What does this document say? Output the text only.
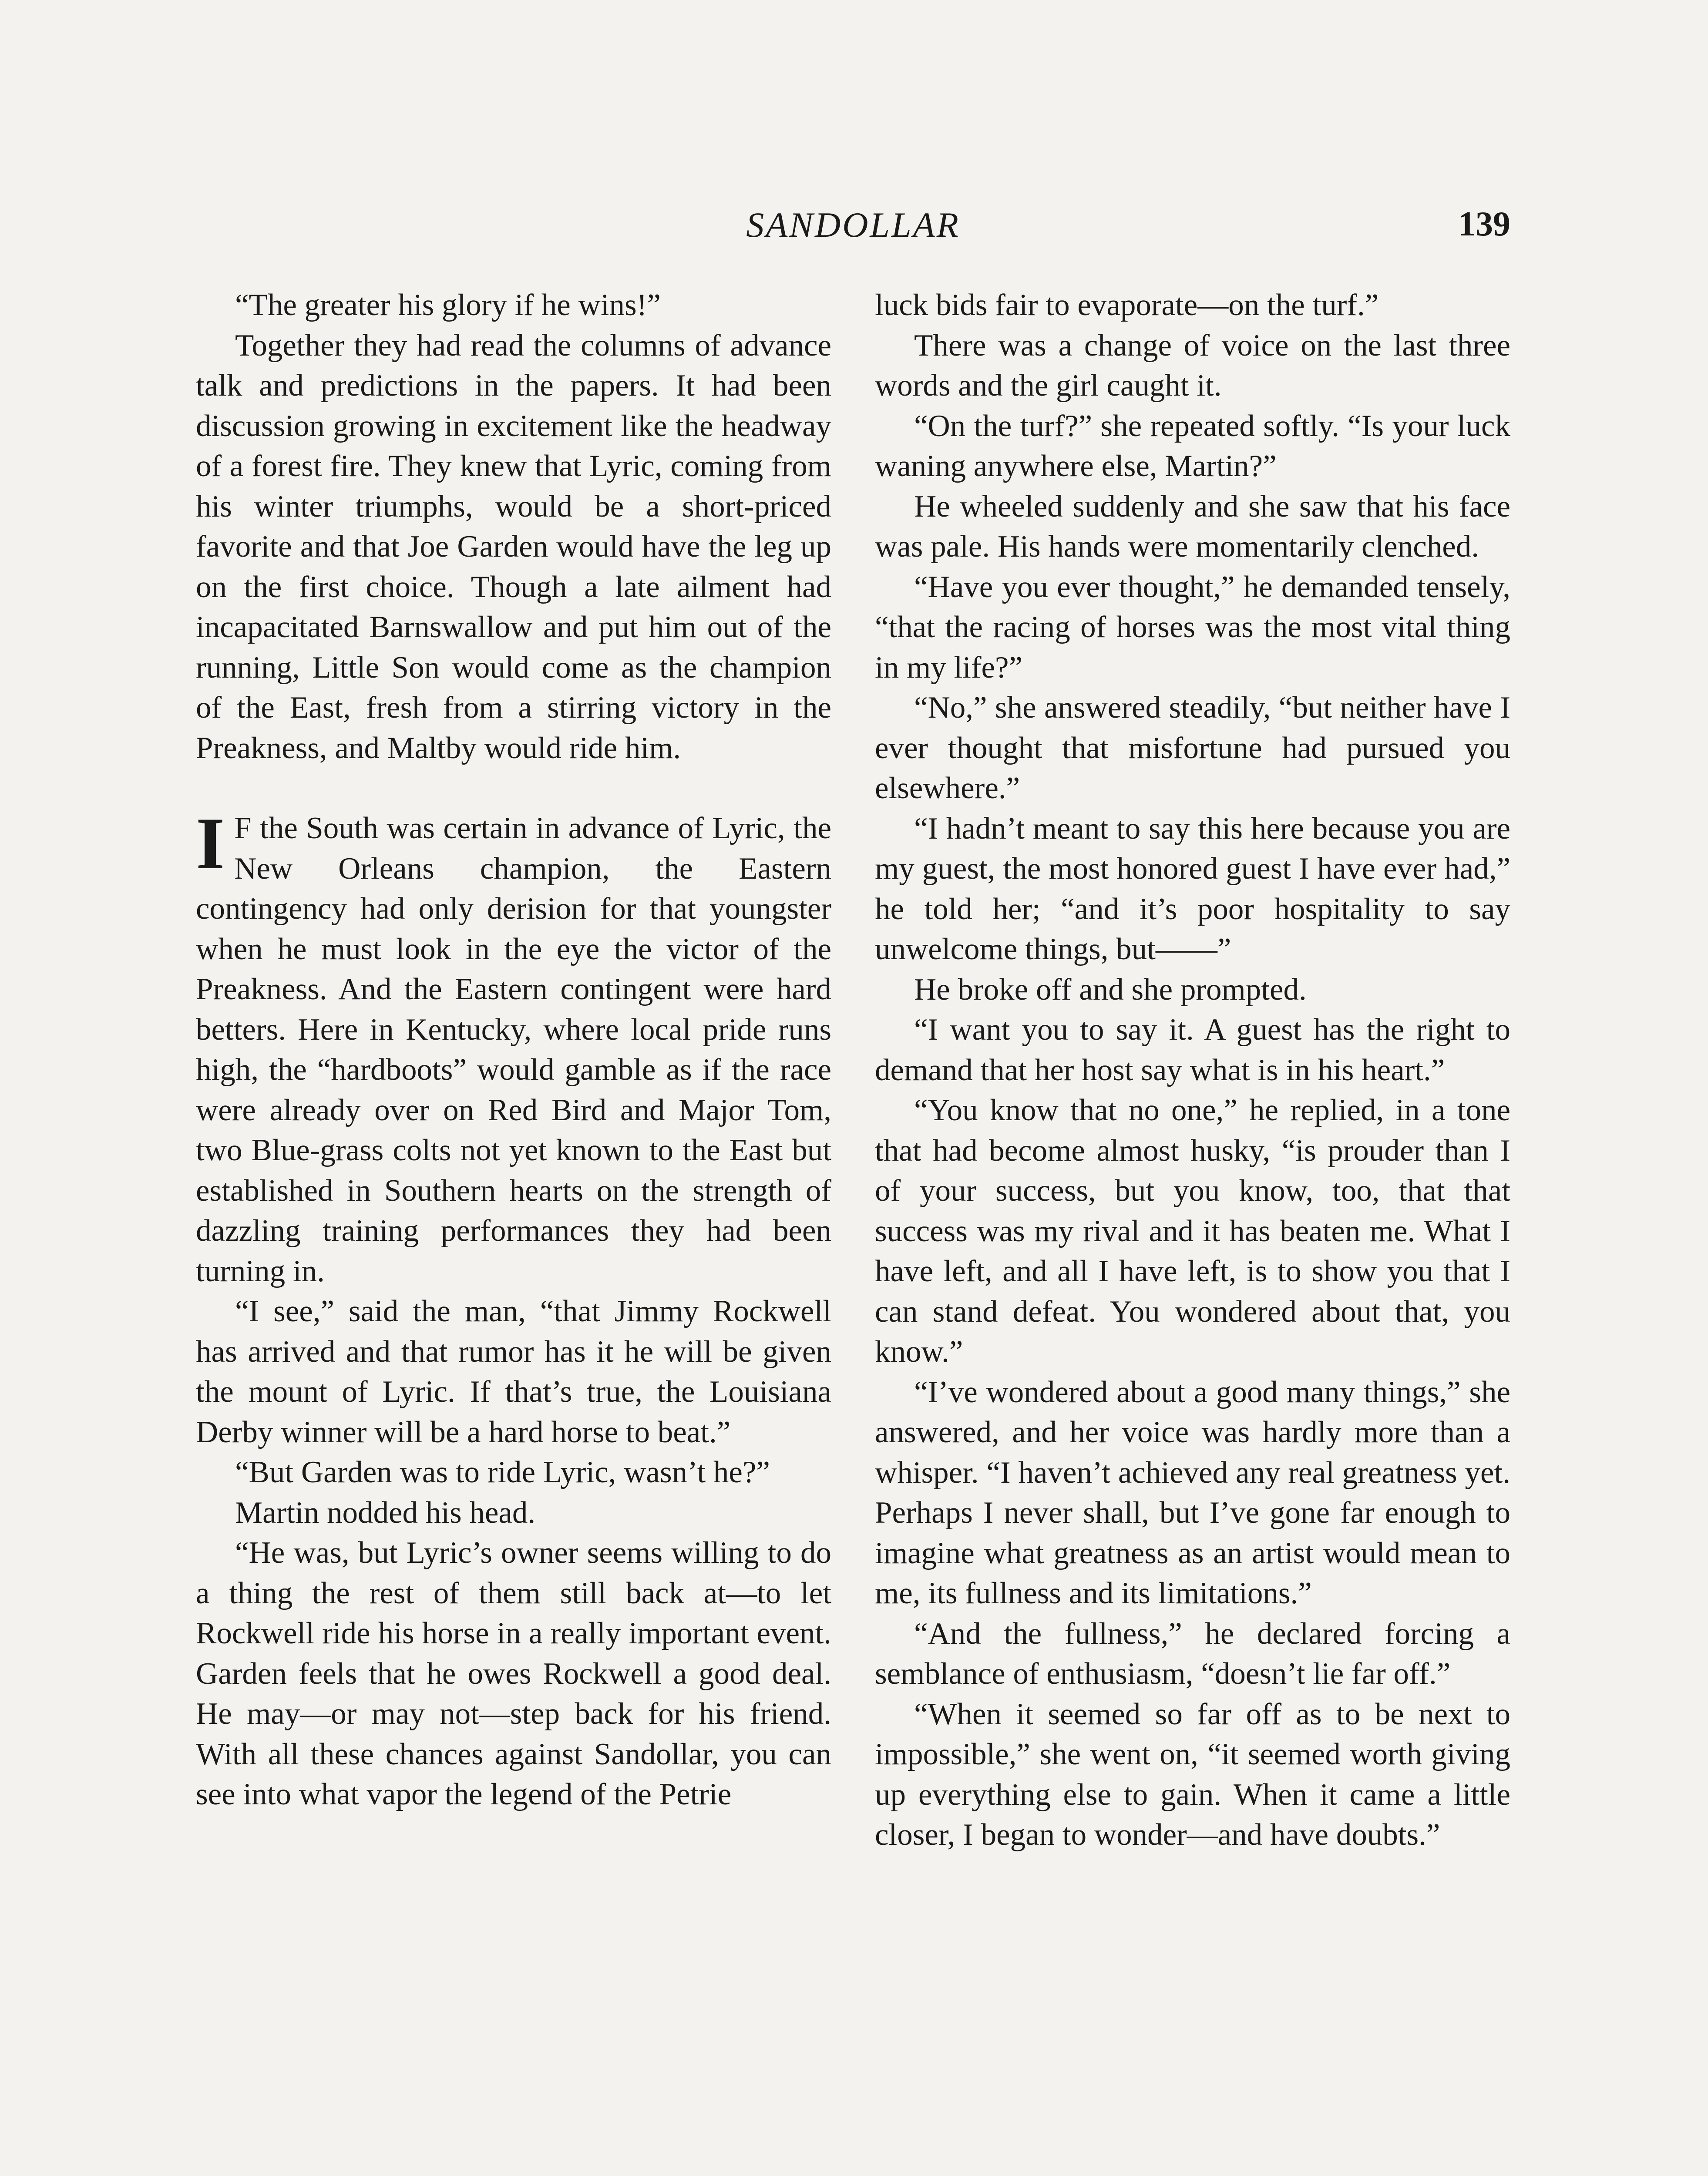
SANDOLLAR	139

“The greater his glory if he wins!”

Together they had read the columns of advance talk and predictions in the papers. It had been discussion growing in excitement like the headway of a forest fire. They knew that Lyric, coming from his winter triumphs, would be a short-priced favorite and that Joe Garden would have the leg up on the first choice. Though a late ailment had incapacitated Barnswallow and put him out of the running, Little Son would come as the champion of the East, fresh from a stirring victory in the Preakness, and Maltby would ride him.

I F the South was certain in advance of Lyric, the New Orleans champion, the Eastern contingency had only derision for that youngster when he must look in the eye the victor of the Preakness. And the Eastern contingent were hard betters. Here in Kentucky, where local pride runs high, the “hardboots” would gamble as if the race were already over on Red Bird and Major Tom, two Blue-grass colts not yet known to the East but established in Southern hearts on the strength of dazzling training performances they had been turning in.

“I see,” said the man, “that Jimmy Rockwell has arrived and that rumor has it he will be given the mount of Lyric. If that’s true, the Louisiana Derby winner will be a hard horse to beat.”

“But Garden was to ride Lyric, wasn’t he?”

Martin nodded his head.

“He was, but Lyric’s owner seems willing to do a thing the rest of them still back at—to let Rockwell ride his horse in a really important event. Garden feels that he owes Rockwell a good deal. He may—or may not—step back for his friend. With all these chances against Sandollar, you can see into what vapor the legend of the Petrie

luck bids fair to evaporate—on the turf.”

There was a change of voice on the last three words and the girl caught it.

“On the turf?” she repeated softly. “Is your luck waning anywhere else, Martin?”

He wheeled suddenly and she saw that his face was pale. His hands were momentarily clenched.

“Have you ever thought,” he demanded tensely, “that the racing of horses was the most vital thing in my life?”

“No,” she answered steadily, “but neither have I ever thought that misfortune had pursued you elsewhere.”

“I hadn’t meant to say this here because you are my guest, the most honored guest I have ever had,” he told her; “and it’s poor hospitality to say unwelcome things, but——”

He broke off and she prompted.

“I want you to say it. A guest has the right to demand that her host say what is in his heart.”

“You know that no one,” he replied, in a tone that had become almost husky, “is prouder than I of your success, but you know, too, that that success was my rival and it has beaten me. What I have left, and all I have left, is to show you that I can stand defeat. You wondered about that, you know.”

“I’ve wondered about a good many things,” she answered, and her voice was hardly more than a whisper. “I haven’t achieved any real greatness yet. Perhaps I never shall, but I’ve gone far enough to imagine what greatness as an artist would mean to me, its fullness and its limitations.”

“And the fullness,” he declared forcing a semblance of enthusiasm, “doesn’t lie far off.”

“When it seemed so far off as to be next to impossible,” she went on, “it seemed worth giving up everything else to gain. When it came a little closer, I began to wonder—and have doubts.”
